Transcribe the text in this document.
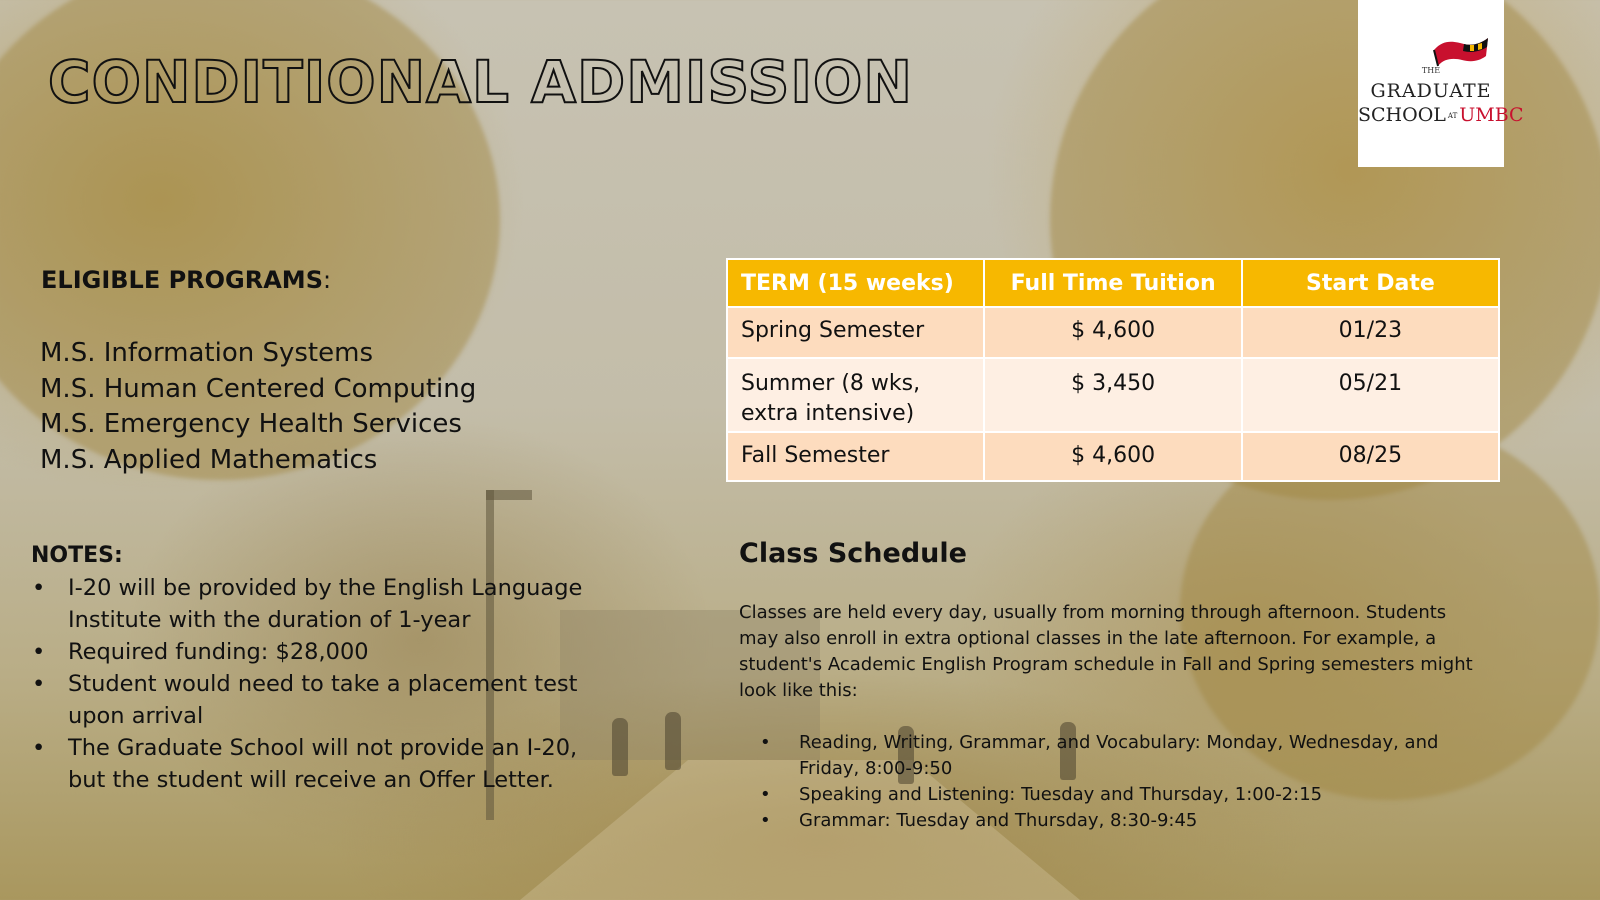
CONDITIONAL ADMISSION	THE
GRADUATE
SCHOOL AT UMBC
ELIGIBLE PROGRAMS:
M.S. Information Systems
M.S. Human Centered Computing
M.S. Emergency Health Services
M.S. Applied Mathematics
NOTES:
• I-20 will be provided by the English Language Institute with the duration of 1-year
• Required funding: $28,000
• Student would need to take a placement test upon arrival
• The Graduate School will not provide an I-20, but the student will receive an Offer Letter.
TERM (15 weeks)	Full Time Tuition	Start Date
Spring Semester	$ 4,600	01/23
Summer (8 wks, extra intensive)	$ 3,450	05/21
Fall Semester	$ 4,600	08/25
Class Schedule

Classes are held every day, usually from morning through afternoon. Students may also enroll in extra optional classes in the late afternoon. For example, a student's Academic English Program schedule in Fall and Spring semesters might look like this:

• Reading, Writing, Grammar, and Vocabulary: Monday, Wednesday, and Friday, 8:00-9:50
• Speaking and Listening: Tuesday and Thursday, 1:00-2:15
• Grammar: Tuesday and Thursday, 8:30-9:45
